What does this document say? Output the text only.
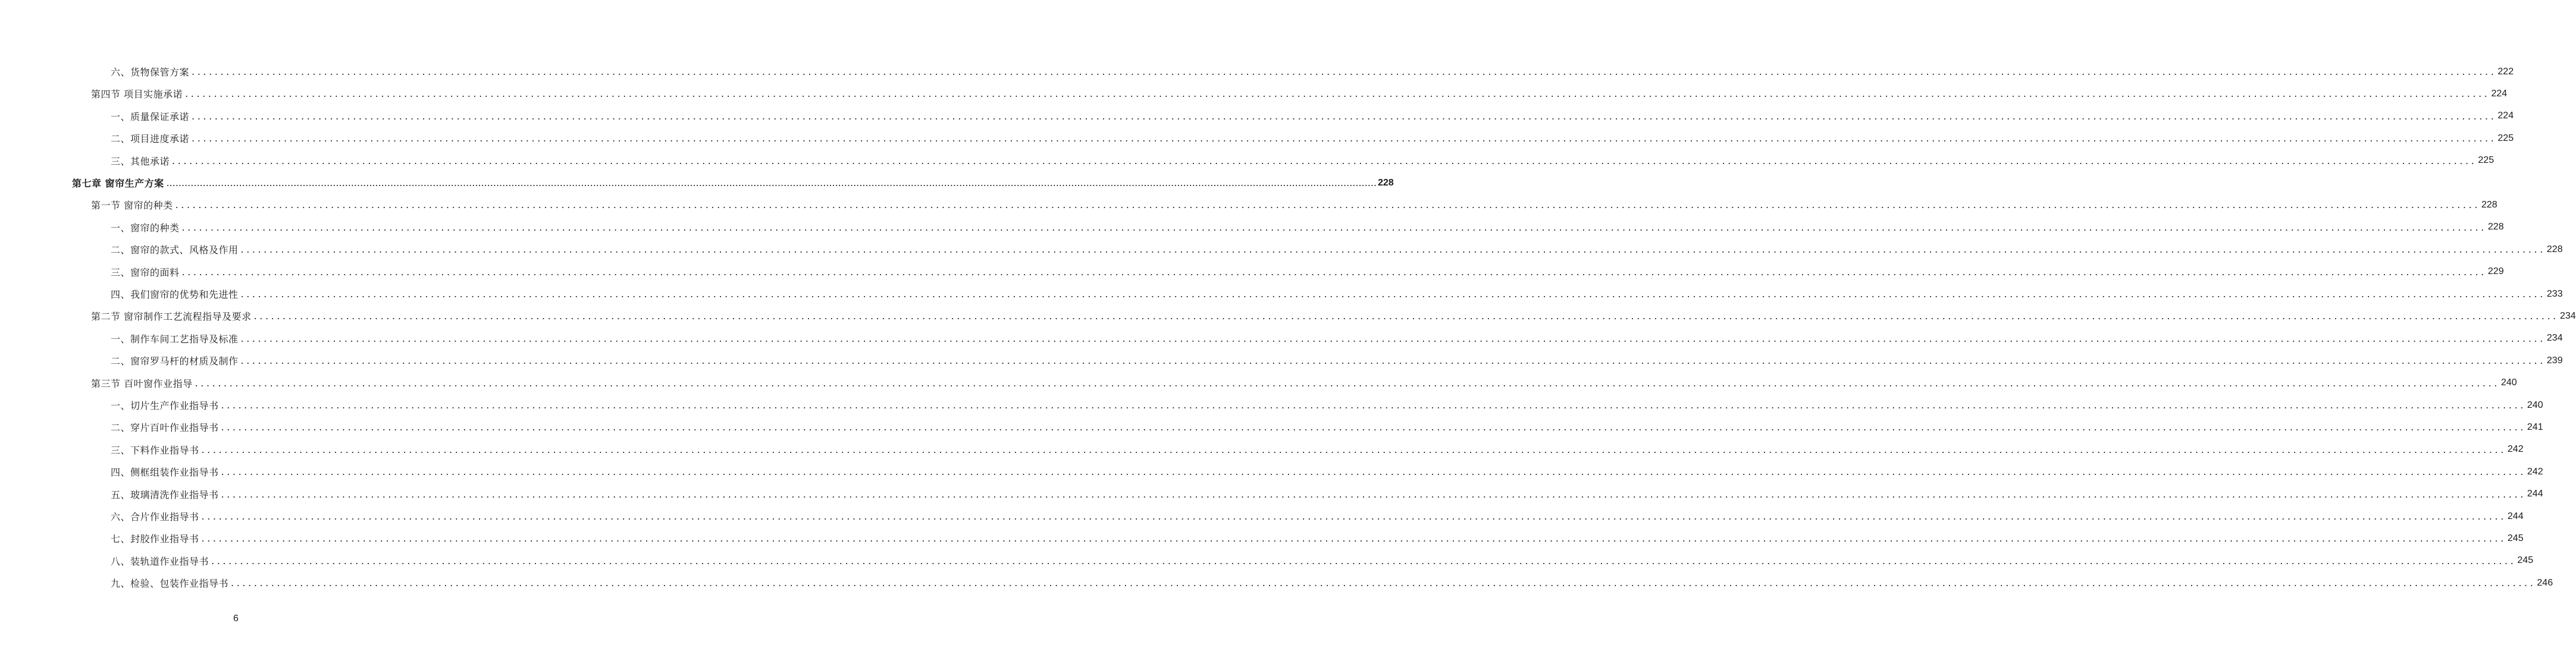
六、货物保管方案 ................................................................................................................................................................................................................................................................................................................................................................................................................ 222
第四节 项目实施承诺 ................................................................................................................................................................................................................................................................................................................................................................................................................ 224
一、质量保证承诺 ................................................................................................................................................................................................................................................................................................................................................................................................................ 224
二、项目进度承诺 ................................................................................................................................................................................................................................................................................................................................................................................................................ 225
三、其他承诺 ................................................................................................................................................................................................................................................................................................................................................................................................................ 225
第七章 窗帘生产方案 ................................................................................................................................................................................................................................................................................................................................................................................................................ 228
第一节 窗帘的种类 ................................................................................................................................................................................................................................................................................................................................................................................................................ 228
一、窗帘的种类 ................................................................................................................................................................................................................................................................................................................................................................................................................ 228
二、窗帘的款式、风格及作用 ................................................................................................................................................................................................................................................................................................................................................................................................................ 228
三、窗帘的面料 ................................................................................................................................................................................................................................................................................................................................................................................................................ 229
四、我们窗帘的优势和先进性 ................................................................................................................................................................................................................................................................................................................................................................................................................ 233
第二节 窗帘制作工艺流程指导及要求 ................................................................................................................................................................................................................................................................................................................................................................................................................ 234
一、制作车间工艺指导及标准 ................................................................................................................................................................................................................................................................................................................................................................................................................ 234
二、窗帘罗马杆的材质及制作 ................................................................................................................................................................................................................................................................................................................................................................................................................ 239
第三节 百叶窗作业指导 ................................................................................................................................................................................................................................................................................................................................................................................................................ 240
一、切片生产作业指导书 ................................................................................................................................................................................................................................................................................................................................................................................................................ 240
二、穿片百叶作业指导书 ................................................................................................................................................................................................................................................................................................................................................................................................................ 241
三、下料作业指导书 ................................................................................................................................................................................................................................................................................................................................................................................................................ 242
四、侧框组装作业指导书 ................................................................................................................................................................................................................................................................................................................................................................................................................ 242
五、玻璃清洗作业指导书 ................................................................................................................................................................................................................................................................................................................................................................................................................ 244
六、合片作业指导书 ................................................................................................................................................................................................................................................................................................................................................................................................................ 244
七、封胶作业指导书 ................................................................................................................................................................................................................................................................................................................................................................................................................ 245
八、装轨道作业指导书 ................................................................................................................................................................................................................................................................................................................................................................................................................ 245
九、检验、包装作业指导书 ................................................................................................................................................................................................................................................................................................................................................................................................................ 246
6
